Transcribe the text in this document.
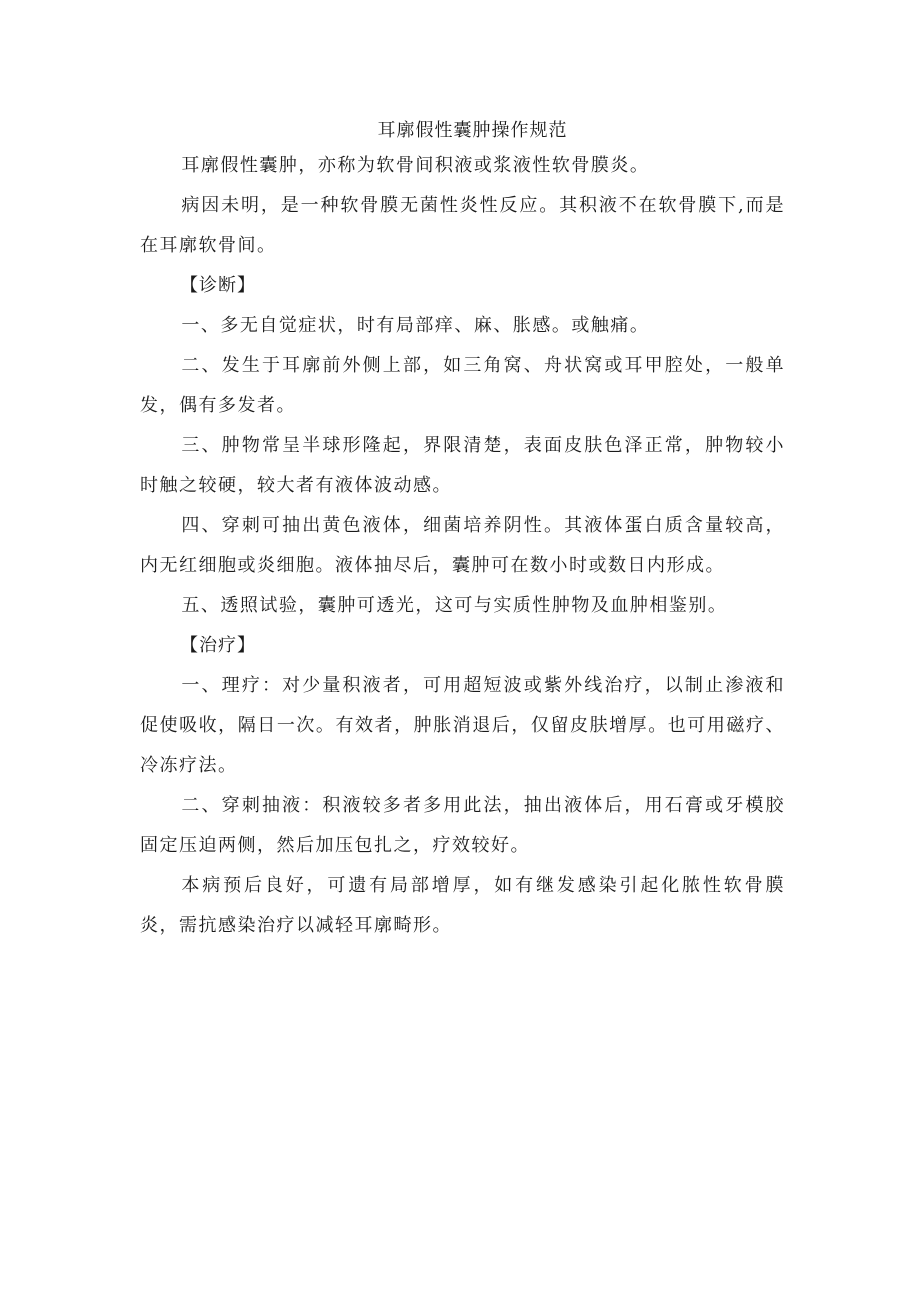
耳廓假性囊肿操作规范

耳廓假性囊肿，亦称为软骨间积液或浆液性软骨膜炎。

病因未明，是一种软骨膜无菌性炎性反应。其积液不在软骨膜下,而是在耳廓软骨间。

【诊断】

一、多无自觉症状，时有局部痒、麻、胀感。或触痛。

二、发生于耳廓前外侧上部，如三角窝、舟状窝或耳甲腔处，一般单发，偶有多发者。

三、肿物常呈半球形隆起，界限清楚，表面皮肤色泽正常，肿物较小时触之较硬，较大者有液体波动感。

四、穿刺可抽出黄色液体，细菌培养阴性。其液体蛋白质含量较高，内无红细胞或炎细胞。液体抽尽后，囊肿可在数小时或数日内形成。

五、透照试验，囊肿可透光，这可与实质性肿物及血肿相鉴别。

【治疗】

一、理疗：对少量积液者，可用超短波或紫外线治疗，以制止渗液和促使吸收，隔日一次。有效者，肿胀消退后，仅留皮肤增厚。也可用磁疗、冷冻疗法。

二、穿刺抽液：积液较多者多用此法，抽出液体后，用石膏或牙模胶固定压迫两侧，然后加压包扎之，疗效较好。

本病预后良好，可遗有局部增厚，如有继发感染引起化脓性软骨膜炎，需抗感染治疗以减轻耳廓畸形。
